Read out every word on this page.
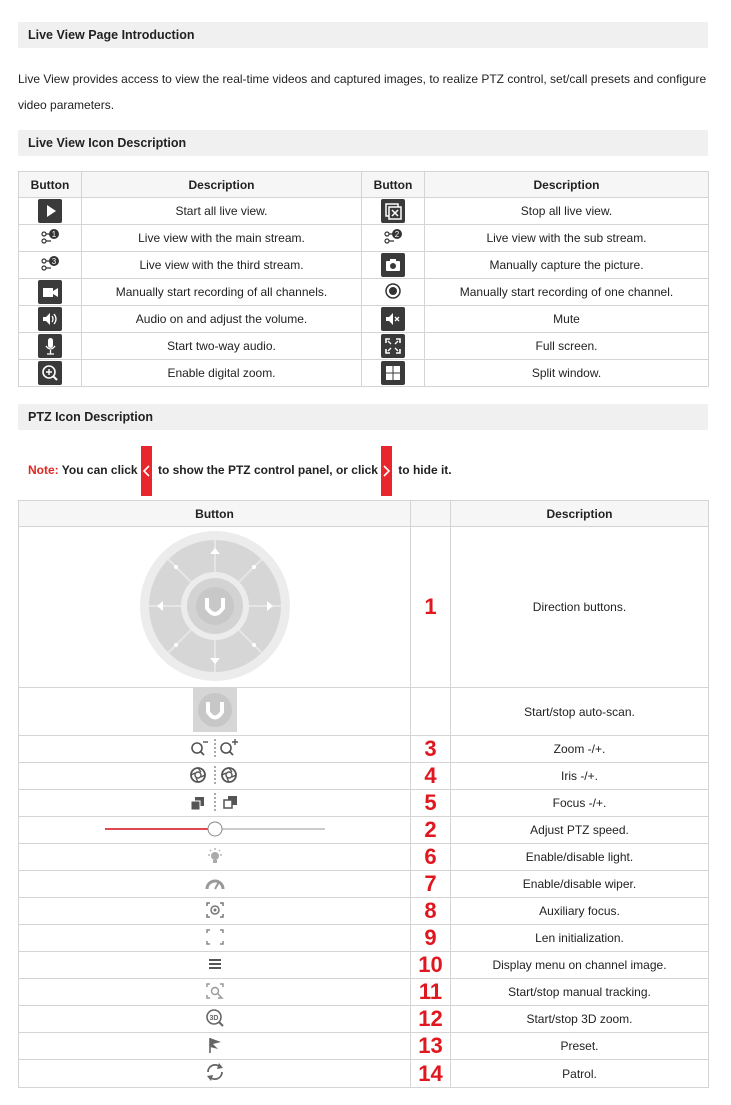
Live View Page Introduction
Live View provides access to view the real-time videos and captured images, to realize PTZ control, set/call presets and configure
video parameters.
Live View Icon Description
Button	Description	Button	Description

	Start all live view.		Stop all live view.

1	Live view with the main stream.	2	Live view with the sub stream.

3	Live view with the third stream.		Manually capture the picture.

	Manually start recording of all channels.		Manually start recording of one channel.

	Audio on and adjust the volume.		Mute

	Start two-way audio.		Full screen.

	Enable digital zoom.		Split window.
PTZ Icon Description
Note: You can click
to show the PTZ control panel, or click
to hide it.
Button		Description
	1	Direction buttons.
		Start/stop auto-scan.
	3	Zoom -/+.
	4	Iris -/+.
	5	Focus -/+.
	2	Adjust PTZ speed.
	6	Enable/disable light.
	7	Enable/disable wiper.
	8	Auxiliary focus.
	9	Len initialization.
	10	Display menu on channel image.
	11	Start/stop manual tracking.

3D	12	Start/stop 3D zoom.
	13	Preset.
	14	Patrol.
